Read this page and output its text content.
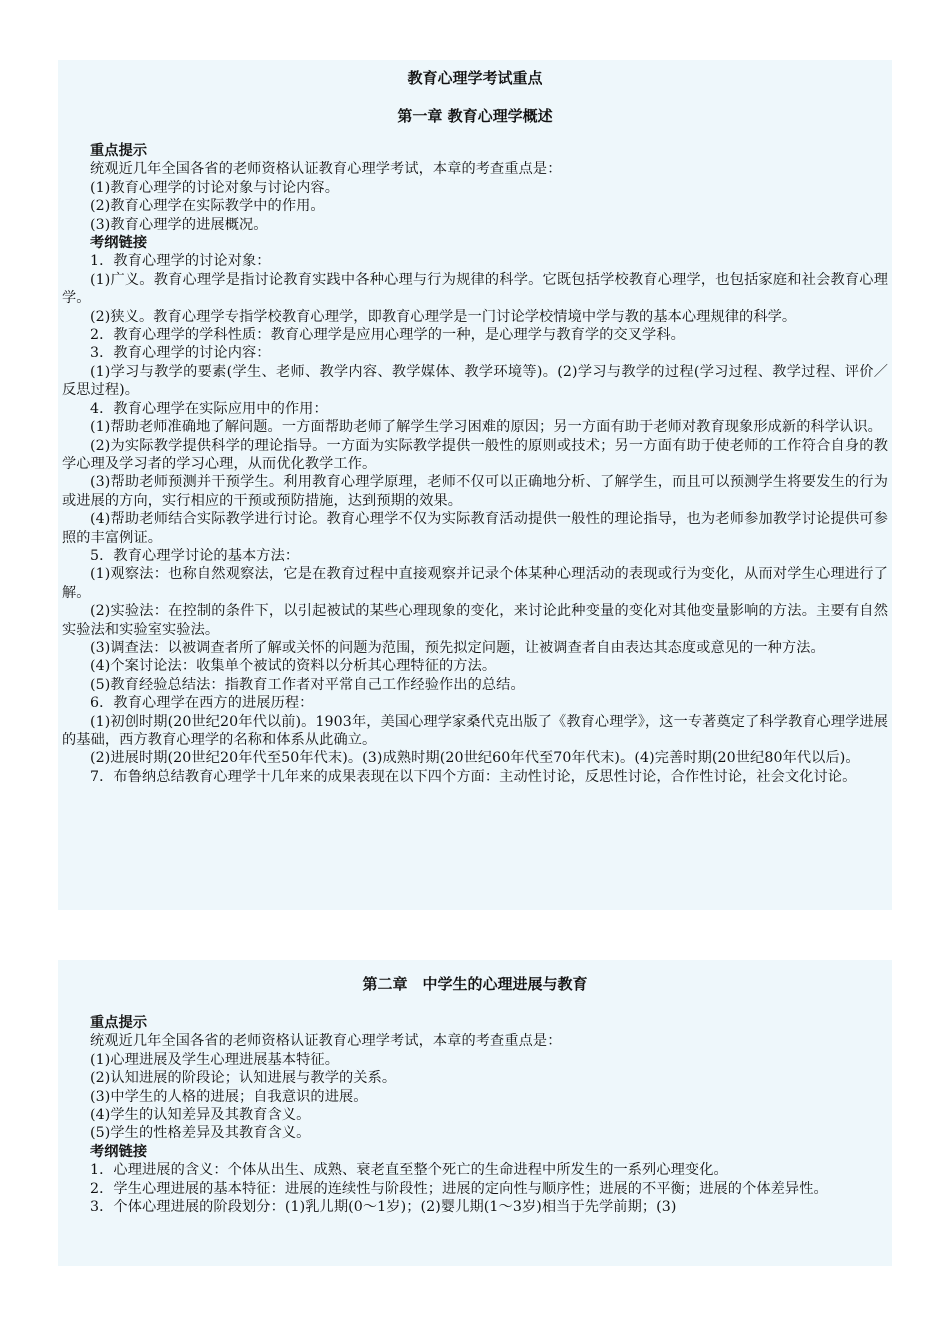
教育心理学考试重点

第一章 教育心理学概述

重点提示

统观近几年全国各省的老师资格认证教育心理学考试，本章的考查重点是：

(1)教育心理学的讨论对象与讨论内容。

(2)教育心理学在实际教学中的作用。

(3)教育心理学的进展概况。

考纲链接

1．教育心理学的讨论对象：

(1)广义。教育心理学是指讨论教育实践中各种心理与行为规律的科学。它既包括学校教育心理学，也包括家庭和社会教育心理学。

(2)狭义。教育心理学专指学校教育心理学，即教育心理学是一门讨论学校情境中学与教的基本心理规律的科学。

2．教育心理学的学科性质：教育心理学是应用心理学的一种，是心理学与教育学的交叉学科。

3．教育心理学的讨论内容：

(1)学习与教学的要素(学生、老师、教学内容、教学媒体、教学环境等)。(2)学习与教学的过程(学习过程、教学过程、评价／反思过程)。

4．教育心理学在实际应用中的作用：

(1)帮助老师准确地了解问题。一方面帮助老师了解学生学习困难的原因；另一方面有助于老师对教育现象形成新的科学认识。

(2)为实际教学提供科学的理论指导。一方面为实际教学提供一般性的原则或技术；另一方面有助于使老师的工作符合自身的教学心理及学习者的学习心理，从而优化教学工作。

(3)帮助老师预测并干预学生。利用教育心理学原理，老师不仅可以正确地分析、了解学生，而且可以预测学生将要发生的行为或进展的方向，实行相应的干预或预防措施，达到预期的效果。

(4)帮助老师结合实际教学进行讨论。教育心理学不仅为实际教育活动提供一般性的理论指导，也为老师参加教学讨论提供可参照的丰富例证。

5．教育心理学讨论的基本方法：

(1)观察法：也称自然观察法，它是在教育过程中直接观察并记录个体某种心理活动的表现或行为变化，从而对学生心理进行了解。

(2)实验法：在控制的条件下，以引起被试的某些心理现象的变化，来讨论此种变量的变化对其他变量影响的方法。主要有自然实验法和实验室实验法。

(3)调查法：以被调查者所了解或关怀的问题为范围，预先拟定问题，让被调查者自由表达其态度或意见的一种方法。

(4)个案讨论法：收集单个被试的资料以分析其心理特征的方法。

(5)教育经验总结法：指教育工作者对平常自己工作经验作出的总结。

6．教育心理学在西方的进展历程：

(1)初创时期(20世纪20年代以前)。1903年，美国心理学家桑代克出版了《教育心理学》，这一专著奠定了科学教育心理学进展的基础，西方教育心理学的名称和体系从此确立。

(2)进展时期(20世纪20年代至50年代末)。(3)成熟时期(20世纪60年代至70年代末)。(4)完善时期(20世纪80年代以后)。

7．布鲁纳总结教育心理学十几年来的成果表现在以下四个方面：主动性讨论，反思性讨论，合作性讨论，社会文化讨论。

第二章　中学生的心理进展与教育

重点提示

统观近几年全国各省的老师资格认证教育心理学考试，本章的考查重点是：

(1)心理进展及学生心理进展基本特征。

(2)认知进展的阶段论；认知进展与教学的关系。

(3)中学生的人格的进展；自我意识的进展。

(4)学生的认知差异及其教育含义。

(5)学生的性格差异及其教育含义。

考纲链接

1．心理进展的含义：个体从出生、成熟、衰老直至整个死亡的生命进程中所发生的一系列心理变化。

2．学生心理进展的基本特征：进展的连续性与阶段性；进展的定向性与顺序性；进展的不平衡；进展的个体差异性。

3．个体心理进展的阶段划分：(1)乳儿期(0～1岁)；(2)婴儿期(1～3岁)相当于先学前期；(3)
